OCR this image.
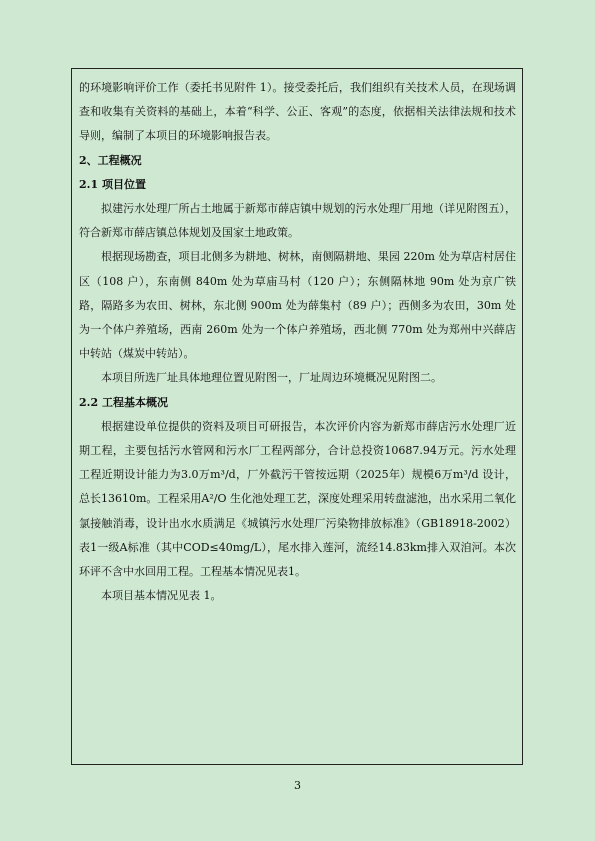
的环境影响评价工作（委托书见附件 1）。接受委托后，我们组织有关技术人员，在现场调查和收集有关资料的基础上，本着“科学、公正、客观”的态度，依据相关法律法规和技术导则，编制了本项目的环境影响报告表。

2、工程概况

2.1 项目位置

拟建污水处理厂所占土地属于新郑市薛店镇中规划的污水处理厂用地（详见附图五），符合新郑市薛店镇总体规划及国家土地政策。

根据现场勘查，项目北侧多为耕地、树林，南侧隔耕地、果园 220m 处为草店村居住区（108 户），东南侧 840m 处为草庙马村（120 户）；东侧隔林地 90m 处为京广铁路，隔路多为农田、树林，东北侧 900m 处为薛集村（89 户）；西侧多为农田，30m 处为一个体户养殖场，西南 260m 处为一个体户养殖场，西北侧 770m 处为郑州中兴薛店中转站（煤炭中转站）。

本项目所选厂址具体地理位置见附图一，厂址周边环境概况见附图二。

2.2 工程基本概况

根据建设单位提供的资料及项目可研报告，本次评价内容为新郑市薛店污水处理厂近期工程，主要包括污水管网和污水厂工程两部分，合计总投资10687.94万元。污水处理工程近期设计能力为3.0万m³/d，厂外截污干管按远期（2025年）规模6万m³/d 设计，总长13610m。工程采用A²/O 生化池处理工艺，深度处理采用转盘滤池，出水采用二氧化氯接触消毒，设计出水水质满足《城镇污水处理厂污染物排放标准》（GB18918-2002）表1一级A标准（其中COD≤40mg/L），尾水排入莲河，流经14.83km排入双洎河。本次环评不含中水回用工程。工程基本情况见表1。

本项目基本情况见表 1。

3
